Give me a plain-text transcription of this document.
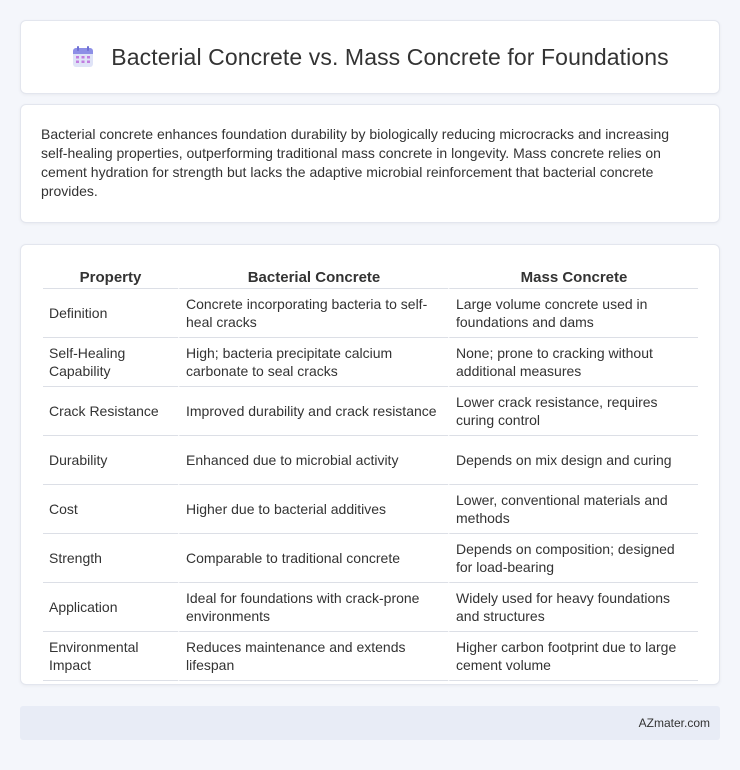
Bacterial Concrete vs. Mass Concrete for Foundations

Bacterial concrete enhances foundation durability by biologically reducing microcracks and increasing self-healing properties, outperforming traditional mass concrete in longevity. Mass concrete relies on cement hydration for strength but lacks the adaptive microbial reinforcement that bacterial concrete provides.

Property	Bacterial Concrete	Mass Concrete
Definition	Concrete incorporating bacteria to self-heal cracks	Large volume concrete used in foundations and dams
Self-Healing Capability	High; bacteria precipitate calcium carbonate to seal cracks	None; prone to cracking without additional measures
Crack Resistance	Improved durability and crack resistance	Lower crack resistance, requires curing control
Durability	Enhanced due to microbial activity	Depends on mix design and curing
Cost	Higher due to bacterial additives	Lower, conventional materials and methods
Strength	Comparable to traditional concrete	Depends on composition; designed for load-bearing
Application	Ideal for foundations with crack-prone environments	Widely used for heavy foundations and structures
Environmental Impact	Reduces maintenance and extends lifespan	Higher carbon footprint due to large cement volume
AZmater.com
